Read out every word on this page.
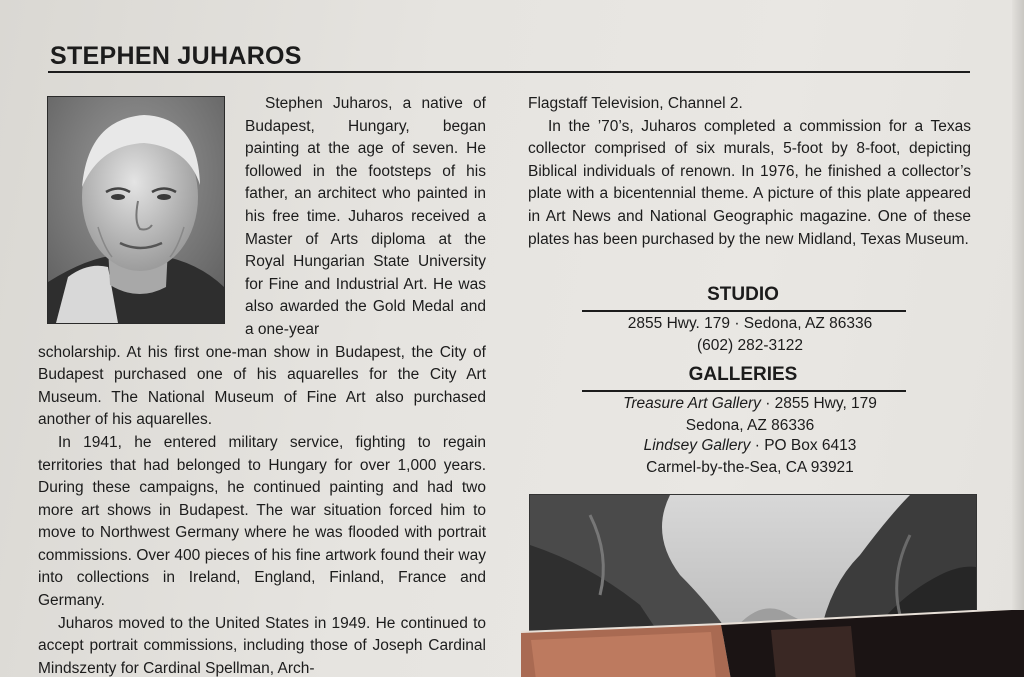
STEPHEN JUHAROS

Stephen Juharos, a native of Budapest, Hungary, began painting at the age of seven. He followed in the footsteps of his father, an architect who painted in his free time. Juharos received a Master of Arts diploma at the Royal Hungarian State University for Fine and Industrial Art. He was also awarded the Gold Medal and a one-year

scholarship. At his first one-man show in Budapest, the City of Budapest purchased one of his aquarelles for the City Art Museum. The National Museum of Fine Art also purchased another of his aquarelles.

In 1941, he entered military service, fighting to regain territories that had belonged to Hungary for over 1,000 years. During these campaigns, he continued painting and had two more art shows in Budapest. The war situation forced him to move to Northwest Germany where he was flooded with portrait commissions. Over 400 pieces of his fine artwork found their way into collections in Ireland, England, Finland, France and Germany.

Juharos moved to the United States in 1949. He continued to accept portrait commissions, including those of Joseph Cardinal Mindszenty for Cardinal Spellman, Arch-

Flagstaff Television, Channel 2.

In the ’70’s, Juharos completed a commission for a Texas collector comprised of six murals, 5-foot by 8-foot, depicting Biblical individuals of renown. In 1976, he finished a collector’s plate with a bicentennial theme. A picture of this plate appeared in Art News and National Geographic magazine. One of these plates has been purchased by the new Midland, Texas Museum.

STUDIO

2855 Hwy. 179 · Sedona, AZ 86336

(602) 282-3122

GALLERIES

Treasure Art Gallery · 2855 Hwy, 179

Sedona, AZ 86336

Lindsey Gallery · PO Box 6413

Carmel-by-the-Sea, CA 93921
